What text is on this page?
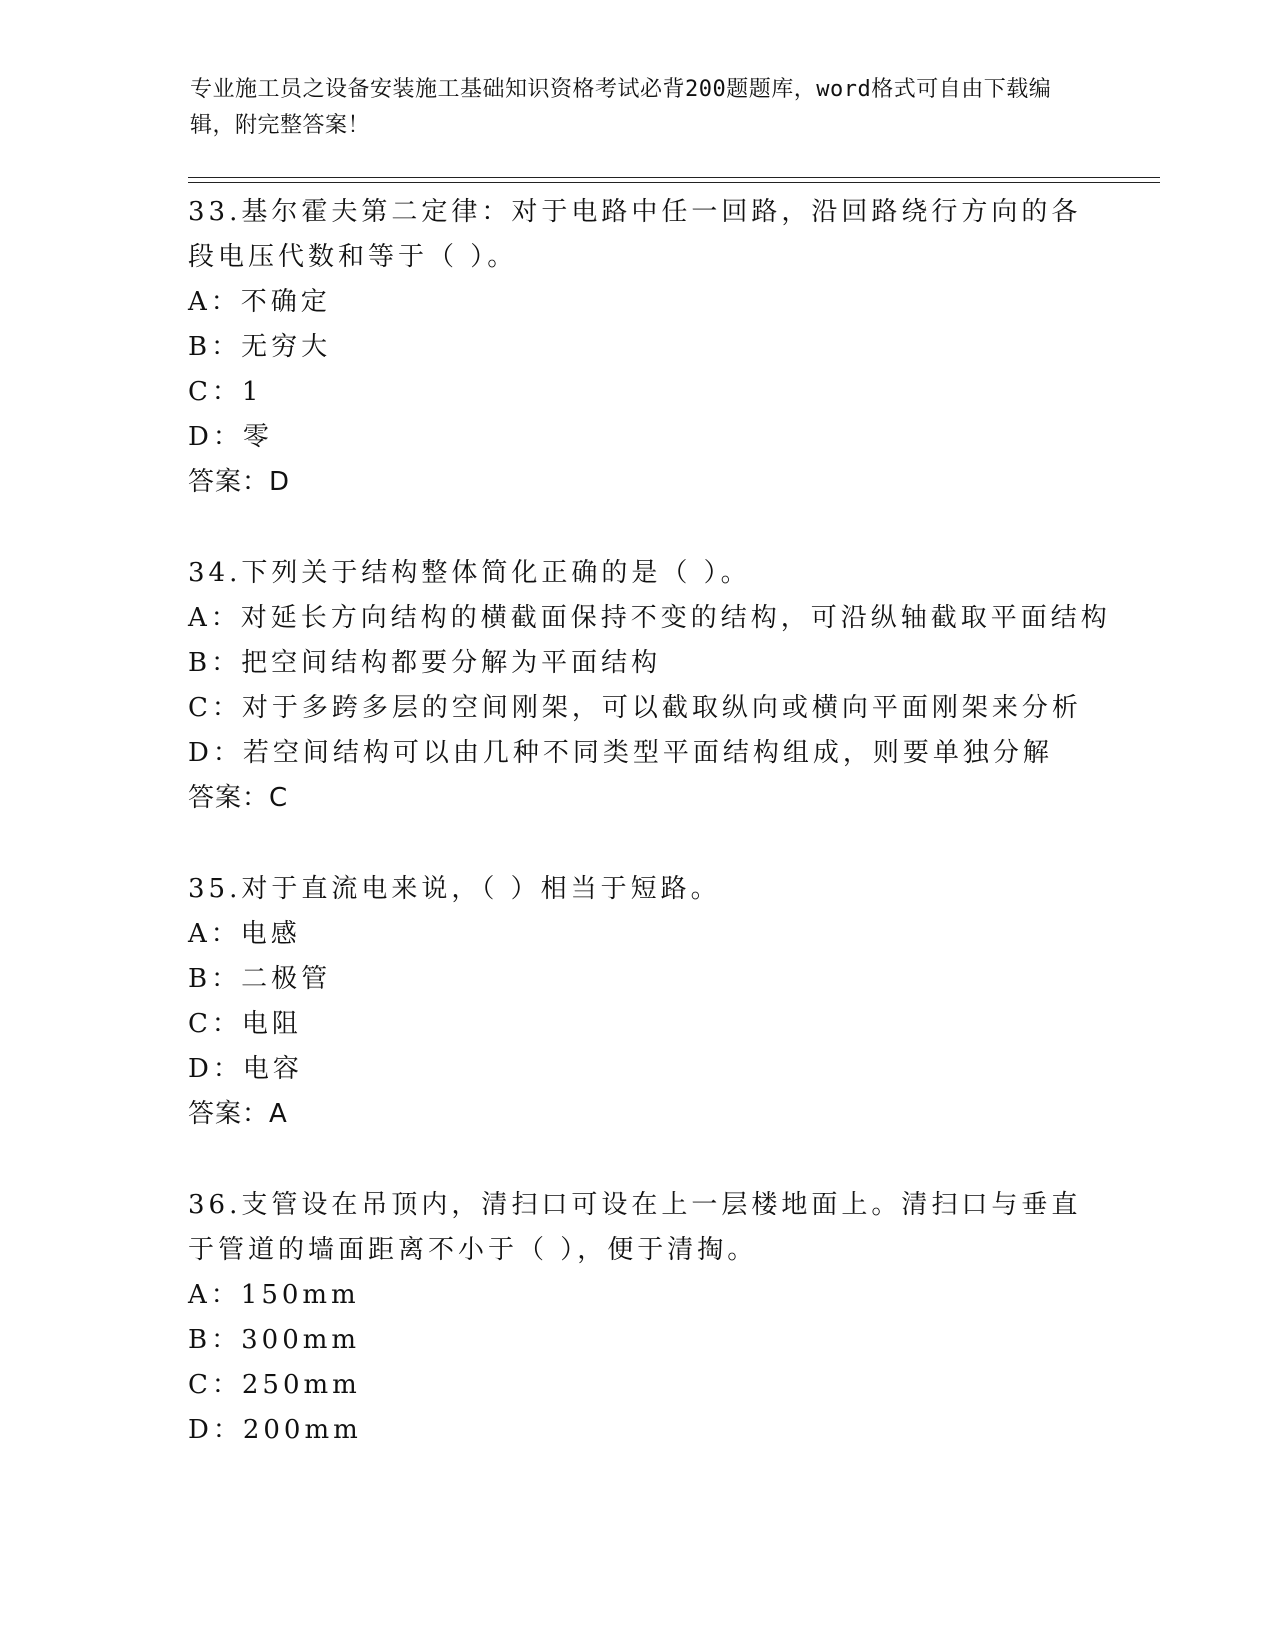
专业施工员之设备安装施工基础知识资格考试必背200题题库，word格式可自由下载编辑，附完整答案！

33.基尔霍夫第二定律：对于电路中任一回路，沿回路绕行方向的各段电压代数和等于（ ）。

A：不确定
B：无穷大
C：1
D：零
答案：D

34.下列关于结构整体简化正确的是（ ）。

A：对延长方向结构的横截面保持不变的结构，可沿纵轴截取平面结构
B：把空间结构都要分解为平面结构
C：对于多跨多层的空间刚架，可以截取纵向或横向平面刚架来分析
D：若空间结构可以由几种不同类型平面结构组成，则要单独分解
答案：C

35.对于直流电来说，（ ）相当于短路。

A：电感
B：二极管
C：电阻
D：电容
答案：A

36.支管设在吊顶内，清扫口可设在上一层楼地面上。清扫口与垂直于管道的墙面距离不小于（ ），便于清掏。

A：150mm
B：300mm
C：250mm
D：200mm
